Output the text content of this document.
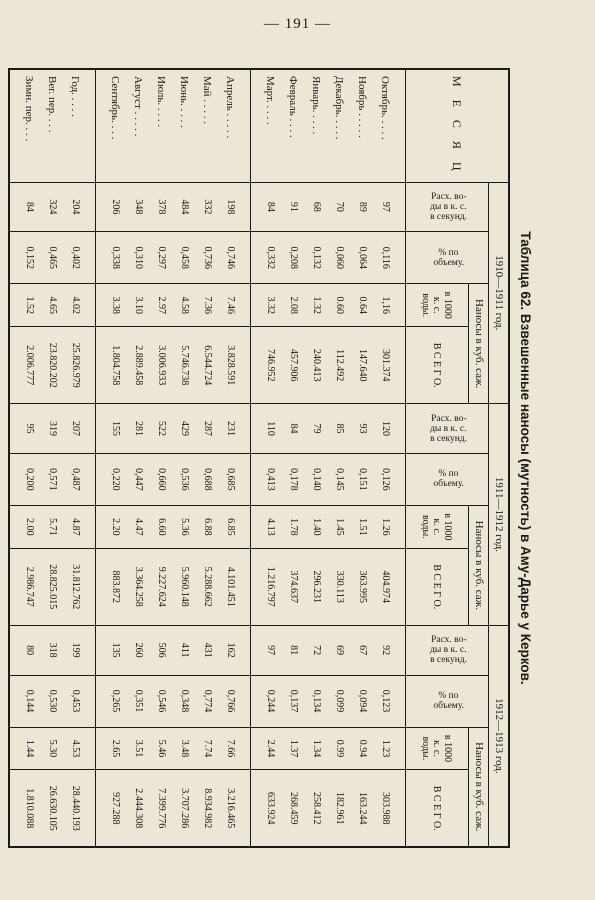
— 191 —
Таблица 62. Взвешенные наносы (мутность) в Аму-Дарье у Керков.
М Е С Я Ц	1910—1911 год.				1911—1912 год.				1912—1913 год.			
	Расх. во-
ды в к. с.
в секунд.	% по
объему.	Наносы в куб. саж.		Расх. во-
ды в к. с.
в секунд.	% по
объему.	Наносы в куб. саж.		Расх. во-
ды в к. с.
в секунд.	% по
объему.	Наносы в куб. саж.	
			в 1000
к. с.
воды.	В С Е Г О.			в 1000
к. с.
воды.	В С Е Г О.			в 1000
к. с.
воды.	В С Е Г О.
Октябрь. . . . .	97	0,116	1,16	301.374	120	0,126	1.26	404.974	92	0,123	1.23	303.988
Ноябрь . . . . .	89	0,064	0.64	147.640	93	0,151	1.51	363.995	67	0,094	0.94	163.244
Декабрь. . . . .	70	0,060	0.60	112.492	85	0,145	1.45	330.113	69	0,099	0.99	182.961
Январь. . . . .	68	0,132	1.32	240.413	79	0,140	1.40	296.231	72	0,134	1.34	258.412
Февраль . . . .	91	0,208	2.08	457.906	84	0,178	1.78	374.637	81	0,137	1.37	268.459
Март. . . . .	84	0,332	3.32	746.952	110	0,413	4.13	1.216.797	97	0,244	2.44	633.924
Апрель . . . . .	198	0,746	7.46	3.828.591	231	0,685	6.85	4.101.451	162	0,766	7.66	3.216.465
Май . . . . .	332	0,736	7.36	6.544.724	287	0,688	6.88	5.288.662	431	0,774	7.74	8.934.982
Июнь. . . . .	484	0,458	4.58	5.746.738	429	0,536	5.36	5.960.148	411	0,348	3.48	3.707.286
Июль. . . . .	378	0,297	2.97	3.006.933	522	0,660	6.60	9.227.624	506	0,546	5.46	7.399.776
Август . . . . .	348	0,310	3.10	2.889.458	281	0,447	4.47	3.364.258	260	0,351	3.51	2.444.308
Сентябрь. . . .	206	0,338	3.38	1.804.758	155	0,220	2.20	883.872	135	0,265	2.65	927.288
Год. . . . .	204	0,402	4.02	25.826.979	207	0,487	4.87	31.812.762	199	0,453	4.53	28.440.193
Вег. пер. . . .	324	0,465	4.65	23.820.202	319	0,571	5.71	28.825.015	318	0,530	5.30	26.630.105
Зимн. пер. . . .	84	0,152	1.52	2.006.777	95	0,200	2.00	2.986.747	80	0,144	1.44	1.810.088
